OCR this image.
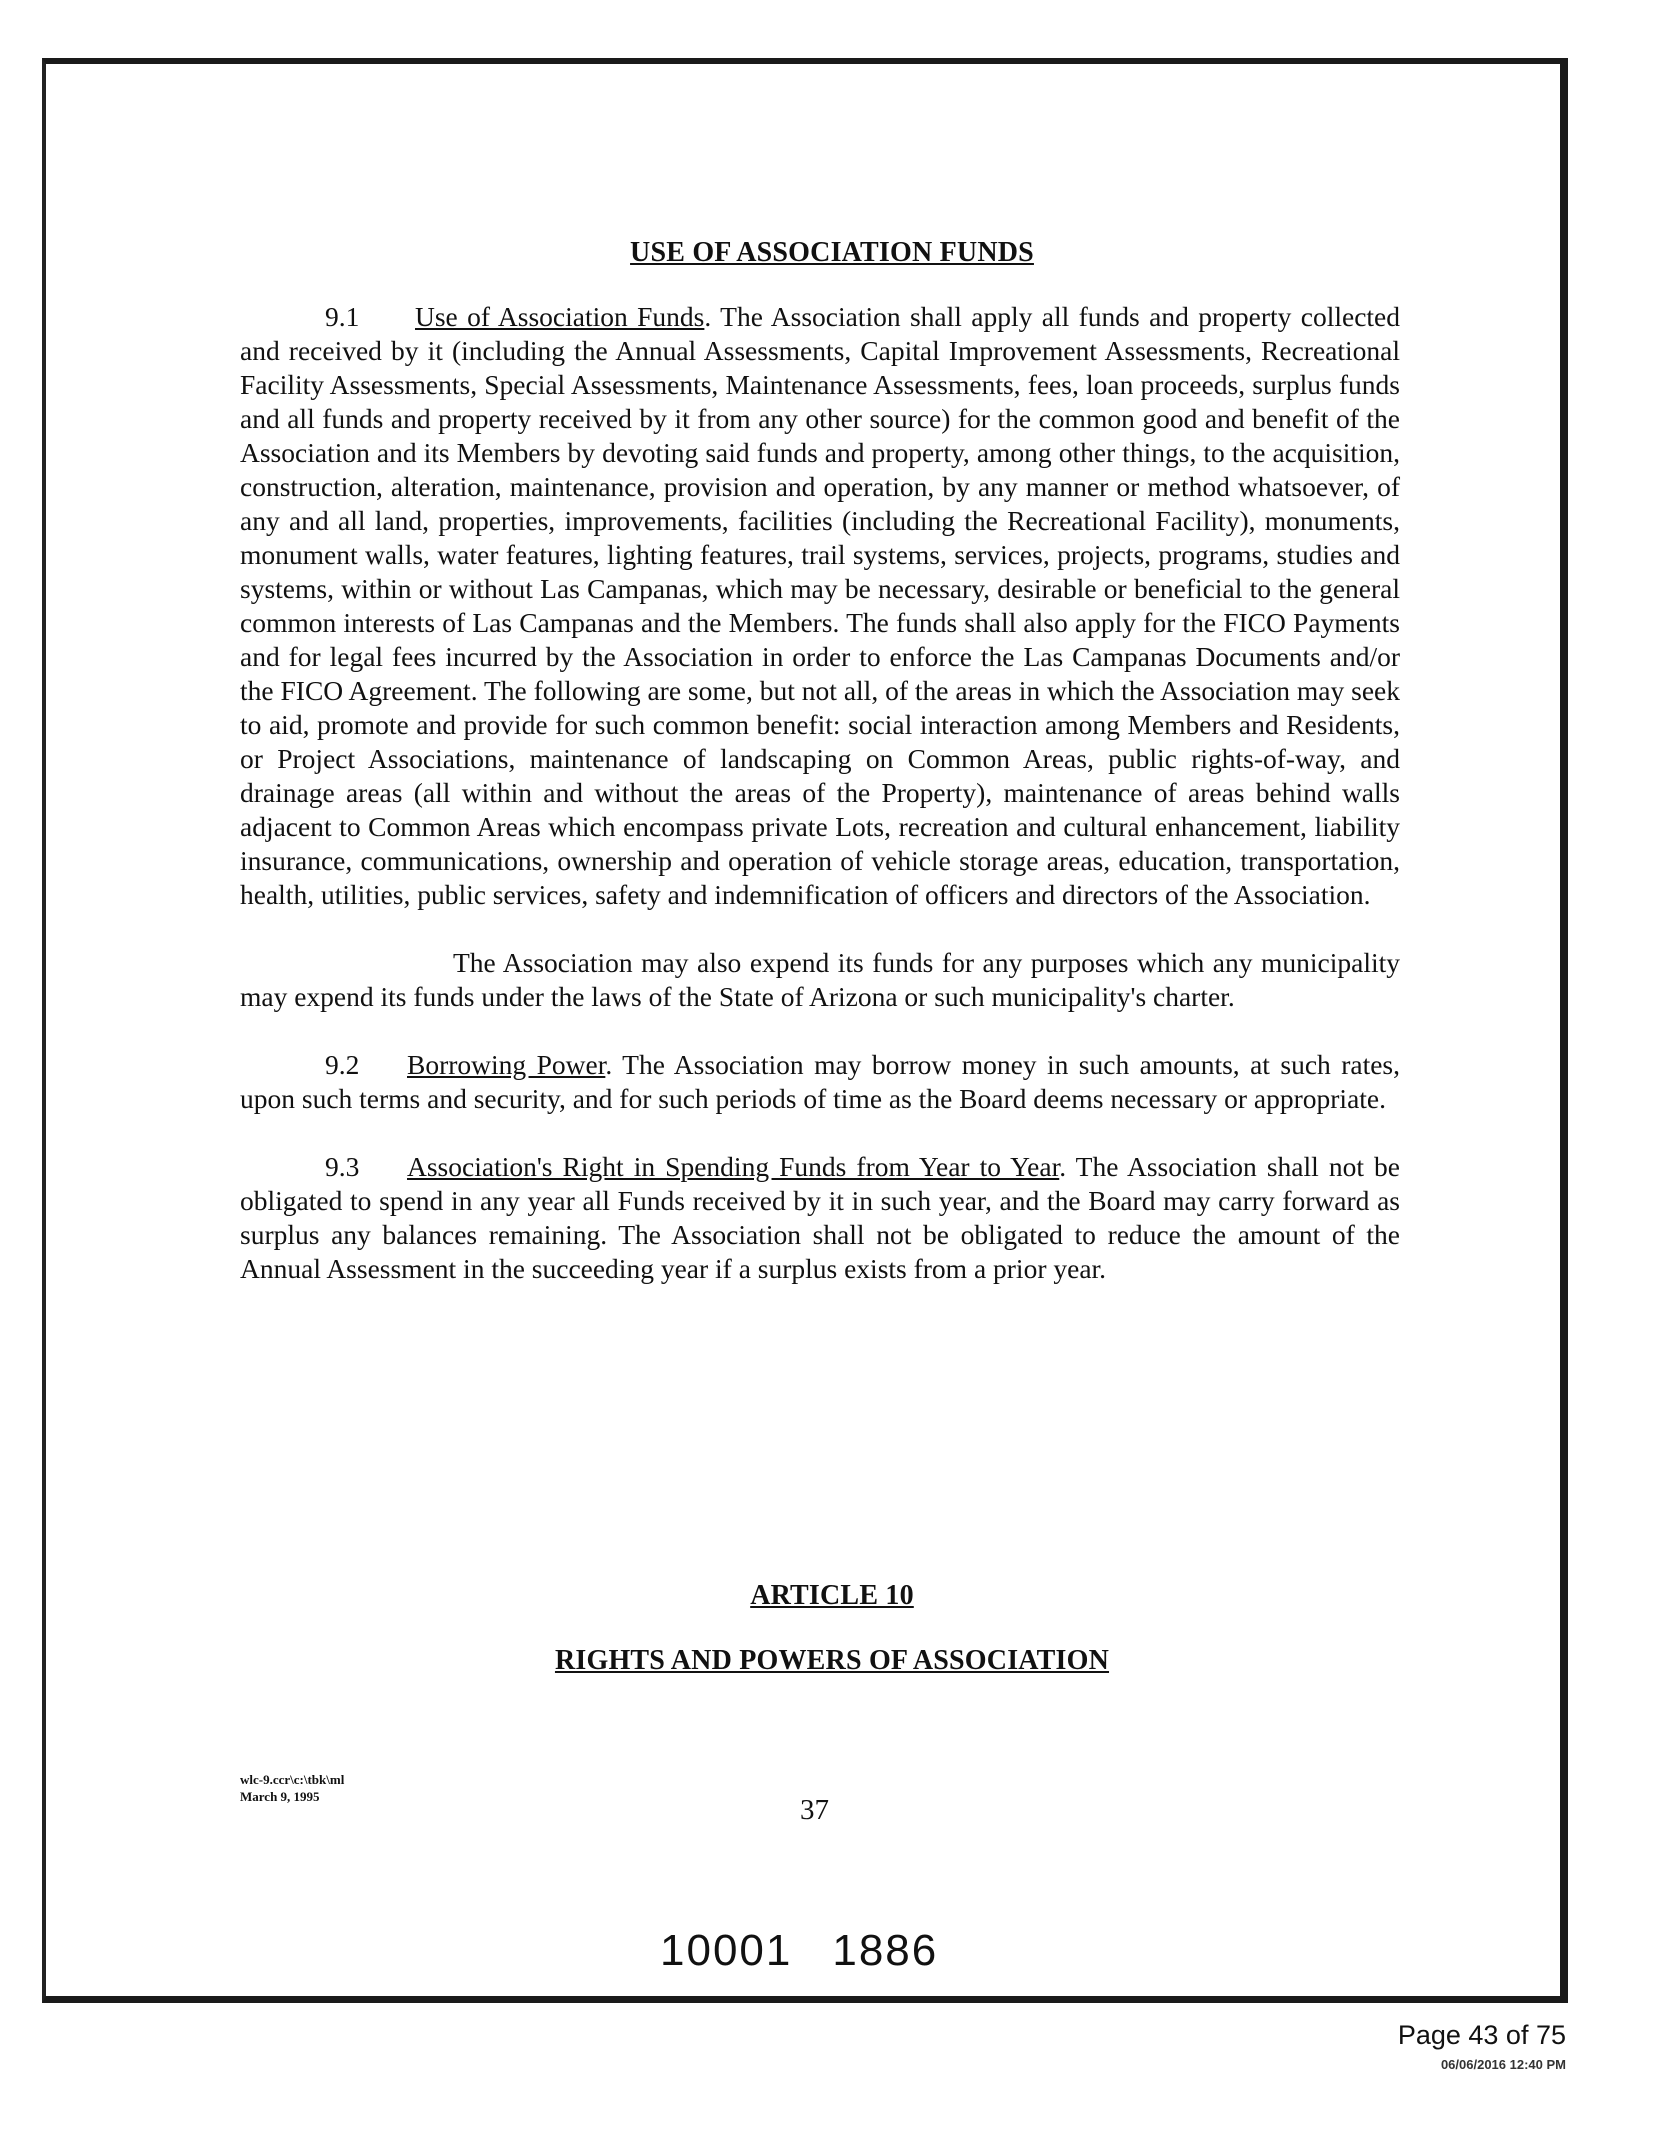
USE OF ASSOCIATION FUNDS

9.1 Use of Association Funds. The Association shall apply all funds and property collected and received by it (including the Annual Assessments, Capital Improvement Assessments, Recreational Facility Assessments, Special Assessments, Maintenance Assessments, fees, loan proceeds, surplus funds and all funds and property received by it from any other source) for the common good and benefit of the Association and its Members by devoting said funds and property, among other things, to the acquisition, construction, alteration, maintenance, provision and operation, by any manner or method whatsoever, of any and all land, properties, improvements, facilities (including the Recreational Facility), monuments, monument walls, water features, lighting features, trail systems, services, projects, programs, studies and systems, within or without Las Campanas, which may be necessary, desirable or beneficial to the general common interests of Las Campanas and the Members. The funds shall also apply for the FICO Payments and for legal fees incurred by the Association in order to enforce the Las Campanas Documents and/or the FICO Agreement. The following are some, but not all, of the areas in which the Association may seek to aid, promote and provide for such common benefit: social interaction among Members and Residents, or Project Associations, maintenance of landscaping on Common Areas, public rights-of-way, and drainage areas (all within and without the areas of the Property), maintenance of areas behind walls adjacent to Common Areas which encompass private Lots, recreation and cultural enhancement, liability insurance, communications, ownership and operation of vehicle storage areas, education, transportation, health, utilities, public services, safety and indemnification of officers and directors of the Association.

The Association may also expend its funds for any purposes which any municipality may expend its funds under the laws of the State of Arizona or such municipality's charter.

9.2 Borrowing Power. The Association may borrow money in such amounts, at such rates, upon such terms and security, and for such periods of time as the Board deems necessary or appropriate.

9.3 Association's Right in Spending Funds from Year to Year. The Association shall not be obligated to spend in any year all Funds received by it in such year, and the Board may carry forward as surplus any balances remaining. The Association shall not be obligated to reduce the amount of the Annual Assessment in the succeeding year if a surplus exists from a prior year.

ARTICLE 10
RIGHTS AND POWERS OF ASSOCIATION
wlc-9.ccr\c:\tbk\ml
March 9, 1995	37
10001 1886
Page 43 of 75
06/06/2016 12:40 PM
